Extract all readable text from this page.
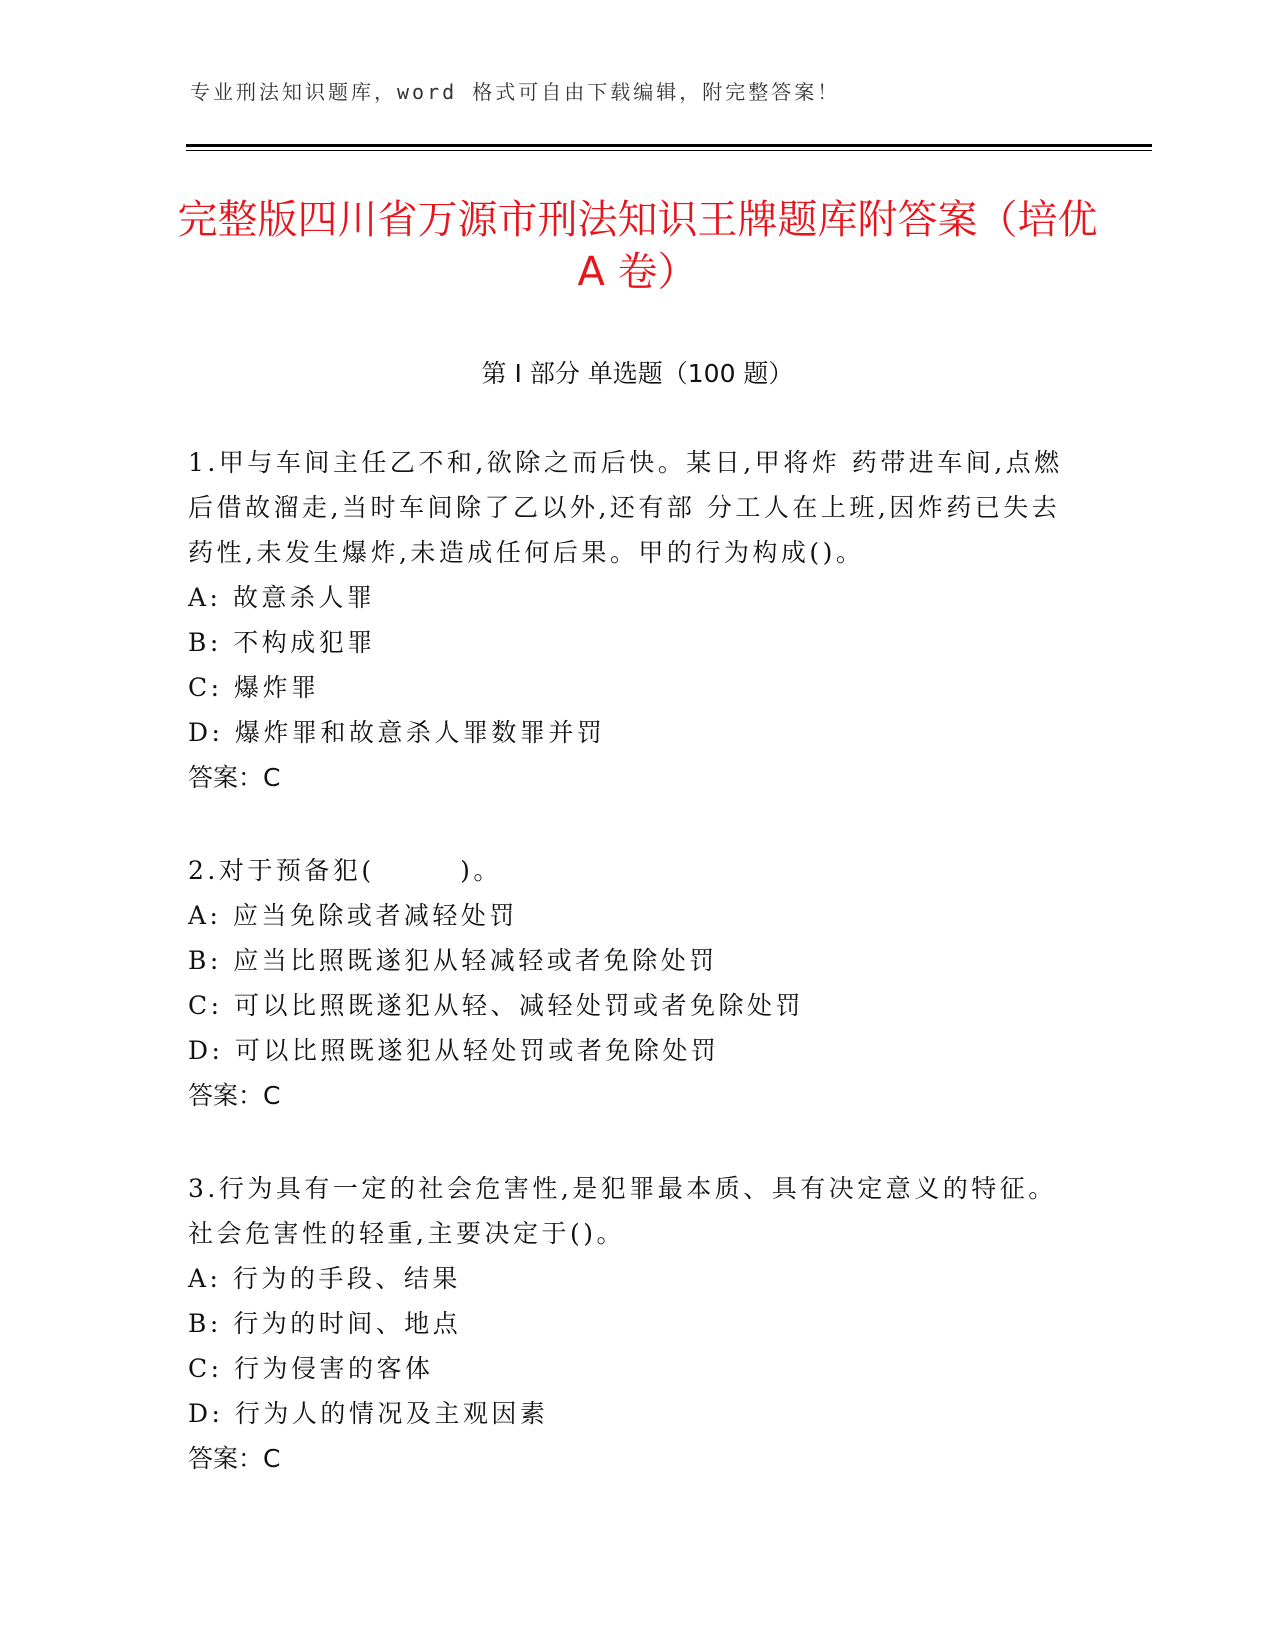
专业刑法知识题库，word 格式可自由下载编辑，附完整答案！
完整版四川省万源市刑法知识王牌题库附答案（培优 A 卷）
第 I 部分 单选题（100 题）
1.甲与车间主任乙不和,欲除之而后快。某日,甲将炸 药带进车间,点燃后借故溜走,当时车间除了乙以外,还有部 分工人在上班,因炸药已失去药性,未发生爆炸,未造成任何后果。甲的行为构成()。
A: 故意杀人罪
B: 不构成犯罪
C: 爆炸罪
D: 爆炸罪和故意杀人罪数罪并罚
答案：C
2.对于预备犯(　　　)。
A: 应当免除或者减轻处罚
B: 应当比照既遂犯从轻减轻或者免除处罚
C: 可以比照既遂犯从轻、减轻处罚或者免除处罚
D: 可以比照既遂犯从轻处罚或者免除处罚
答案：C
3.行为具有一定的社会危害性,是犯罪最本质、具有决定意义的特征。社会危害性的轻重,主要决定于()。
A: 行为的手段、结果
B: 行为的时间、地点
C: 行为侵害的客体
D: 行为人的情况及主观因素
答案：C
